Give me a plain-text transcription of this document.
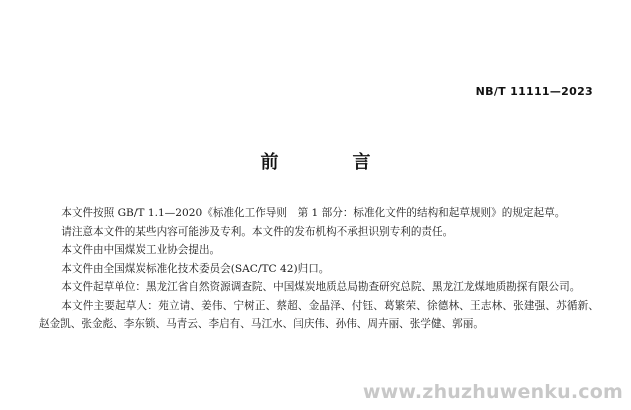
NB/T 11111—2023
前　言

本文件按照 GB/T 1.1—2020《标准化工作导则　第 1 部分：标准化文件的结构和起草规则》的规定起草。

请注意本文件的某些内容可能涉及专利。本文件的发布机构不承担识别专利的责任。

本文件由中国煤炭工业协会提出。

本文件由全国煤炭标准化技术委员会(SAC/TC 42)归口。

本文件起草单位：黑龙江省自然资源调查院、中国煤炭地质总局勘查研究总院、黑龙江龙煤地质勘探有限公司。

本文件主要起草人：苑立请、姜伟、宁树正、蔡超、金晶泽、付钰、葛繁荣、徐德林、王志林、张建强、苏循新、赵金凯、张金彪、李东锁、马青云、李启有、马江水、闫庆伟、孙伟、周卉丽、张学健、郭丽。

www.zhuzhuwenku.com
